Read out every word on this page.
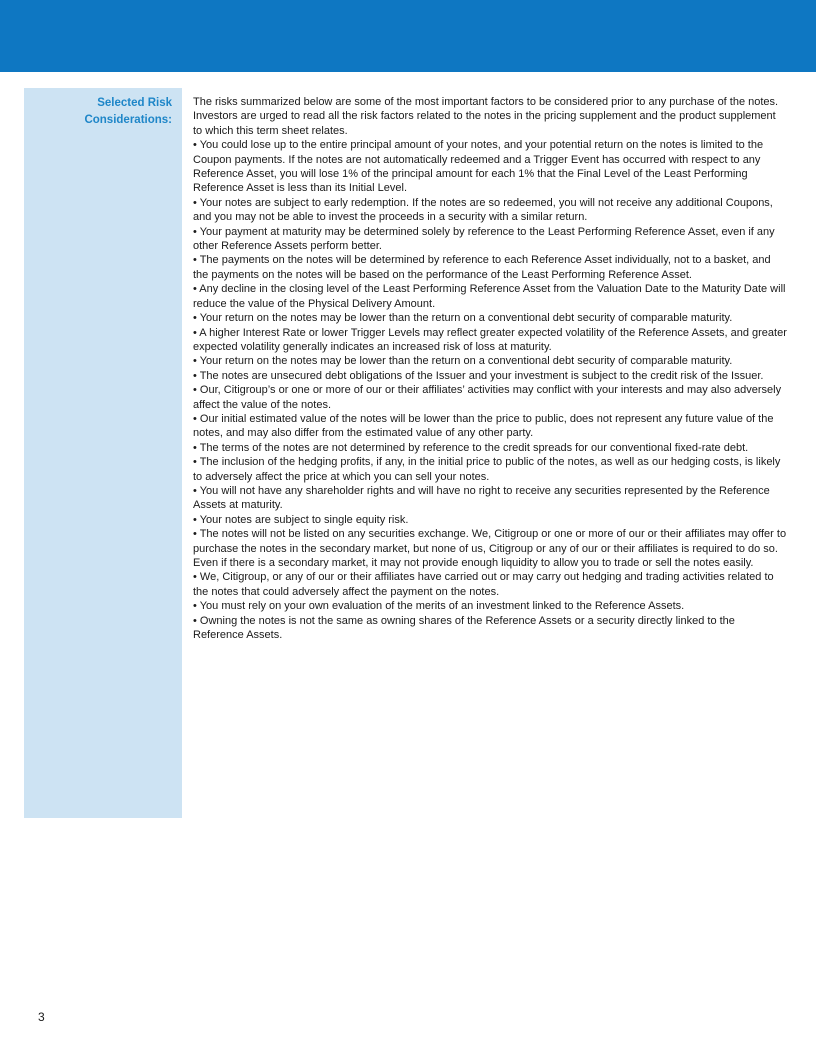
Selected Risk Considerations:

The risks summarized below are some of the most important factors to be considered prior to any purchase of the notes. Investors are urged to read all the risk factors related to the notes in the pricing supplement and the product supplement to which this term sheet relates.

• You could lose up to the entire principal amount of your notes, and your potential return on the notes is limited to the Coupon payments. If the notes are not automatically redeemed and a Trigger Event has occurred with respect to any Reference Asset, you will lose 1% of the principal amount for each 1% that the Final Level of the Least Performing Reference Asset is less than its Initial Level.

• Your notes are subject to early redemption. If the notes are so redeemed, you will not receive any additional Coupons, and you may not be able to invest the proceeds in a security with a similar return.

• Your payment at maturity may be determined solely by reference to the Least Performing Reference Asset, even if any other Reference Assets perform better.

• The payments on the notes will be determined by reference to each Reference Asset individually, not to a basket, and the payments on the notes will be based on the performance of the Least Performing Reference Asset.

• Any decline in the closing level of the Least Performing Reference Asset from the Valuation Date to the Maturity Date will reduce the value of the Physical Delivery Amount.

• Your return on the notes may be lower than the return on a conventional debt security of comparable maturity.

• A higher Interest Rate or lower Trigger Levels may reflect greater expected volatility of the Reference Assets, and greater expected volatility generally indicates an increased risk of loss at maturity.

• Your return on the notes may be lower than the return on a conventional debt security of comparable maturity.

• The notes are unsecured debt obligations of the Issuer and your investment is subject to the credit risk of the Issuer.

• Our, Citigroup’s or one or more of our or their affiliates’ activities may conflict with your interests and may also adversely affect the value of the notes.

• Our initial estimated value of the notes will be lower than the price to public, does not represent any future value of the notes, and may also differ from the estimated value of any other party.

• The terms of the notes are not determined by reference to the credit spreads for our conventional fixed-rate debt.

• The inclusion of the hedging profits, if any, in the initial price to public of the notes, as well as our hedging costs, is likely to adversely affect the price at which you can sell your notes.

• You will not have any shareholder rights and will have no right to receive any securities represented by the Reference Assets at maturity.

• Your notes are subject to single equity risk.

• The notes will not be listed on any securities exchange. We, Citigroup or one or more of our or their affiliates may offer to purchase the notes in the secondary market, but none of us, Citigroup or any of our or their affiliates is required to do so. Even if there is a secondary market, it may not provide enough liquidity to allow you to trade or sell the notes easily.

• We, Citigroup, or any of our or their affiliates have carried out or may carry out hedging and trading activities related to the notes that could adversely affect the payment on the notes.

• You must rely on your own evaluation of the merits of an investment linked to the Reference Assets.

• Owning the notes is not the same as owning shares of the Reference Assets or a security directly linked to the Reference Assets.

3
